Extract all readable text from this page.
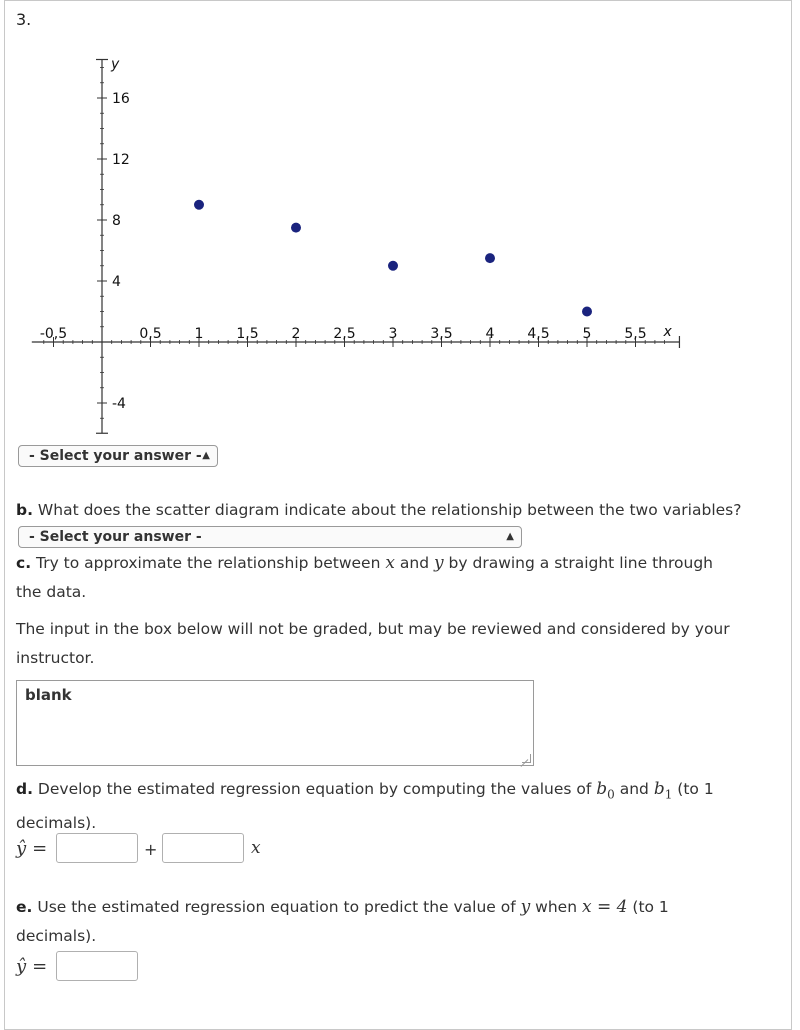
3.
-0,5	0,5 1 1,5 2 2,5 3 3,5 4 4,5 5 5,5
16
12
8
4
-4
y
x
- Select your answer - ▲

b. What does the scatter diagram indicate about the relationship between the two variables?
- Select your answer -	▲
c. Try to approximate the relationship between x and y by drawing a straight line through
the data.
The input in the box below will not be graded, but may be reviewed and considered by your
instructor.
blank
d. Develop the estimated regression equation by computing the values of $b_0$ and $b_1$ (to 1
decimals).
ŷ =	+	x
e. Use the estimated regression equation to predict the value of y when x = 4 (to 1
decimals).
ŷ =
